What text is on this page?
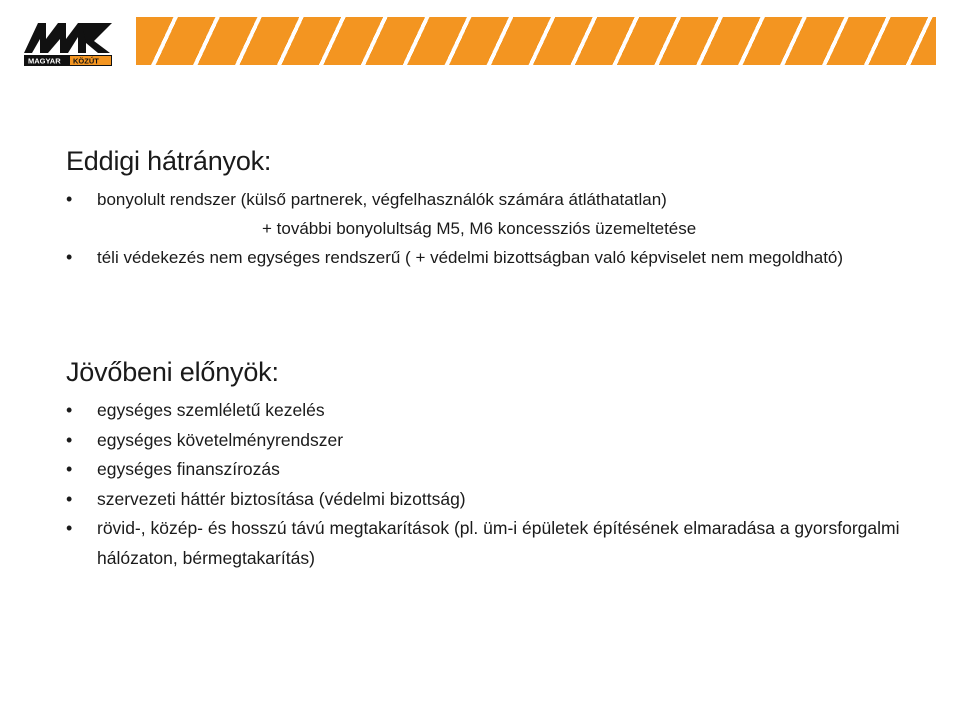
MAGYAR KÖZÚT
Eddigi hátrányok:
• bonyolult rendszer (külső partnerek, végfelhasználók számára átláthatatlan)
+ további bonyolultság M5, M6 koncessziós üzemeltetése
• téli védekezés nem egységes rendszerű ( + védelmi bizottságban való képviselet nem megoldható)
Jövőbeni előnyök:
• egységes szemléletű kezelés
• egységes követelményrendszer
• egységes finanszírozás
• szervezeti háttér biztosítása (védelmi bizottság)
• rövid-, közép- és hosszú távú megtakarítások (pl. üm-i épületek építésének elmaradása a gyorsforgalmi hálózaton, bérmegtakarítás)
